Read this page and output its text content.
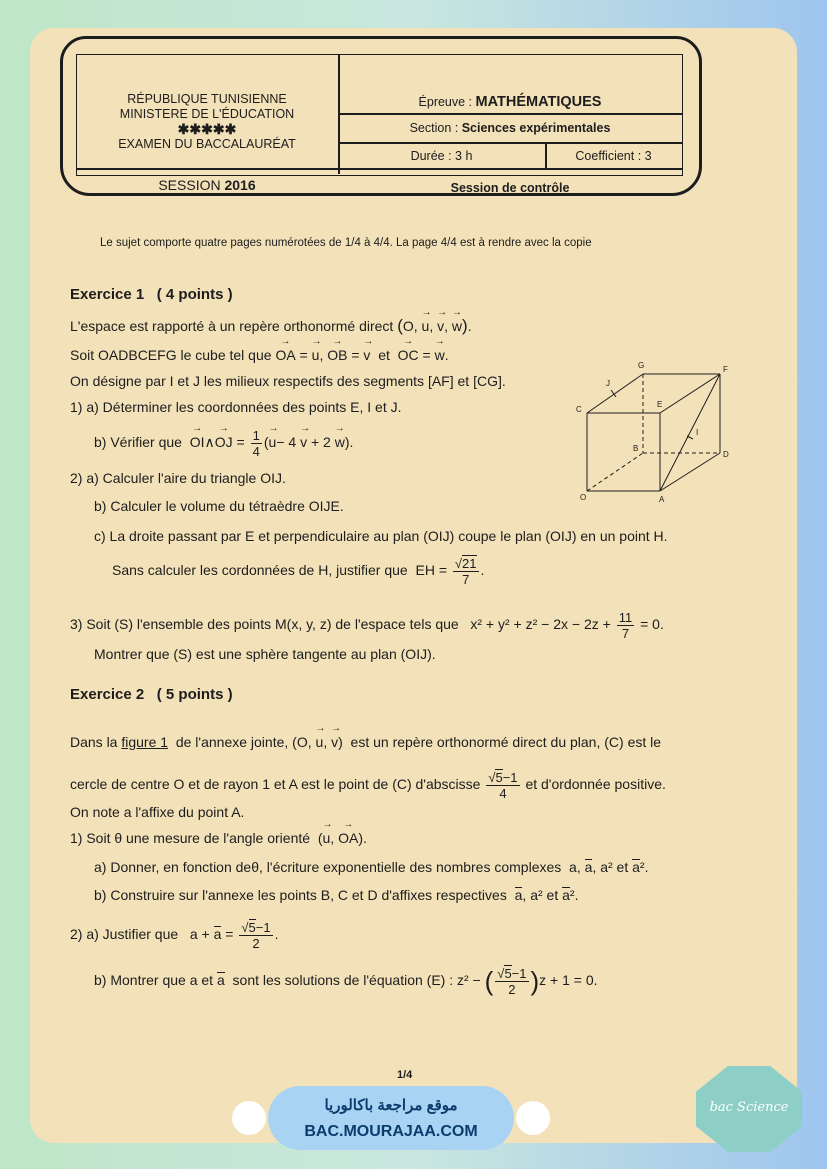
RÉPUBLIQUE TUNISIENNE
MINISTERE DE L'ÉDUCATION
✱✱✱✱✱
EXAMEN DU BACCALAURÉAT
SESSION 2016
Épreuve : MATHÉMATIQUES
Section : Sciences expérimentales
Durée : 3 h	Coefficient : 3
Session de contrôle
Le sujet comporte quatre pages numérotées de 1/4 à 4/4. La page 4/4 est à rendre avec la copie
Exercice 1 ( 4 points )
L'espace est rapporté à un repère orthonormé direct (O, → u, → v, → w).
Soit OADBCEFG le cube tel que → OA = → u, → OB = → v  et  → OC = → w.
On désigne par I et J les milieux respectifs des segments [AF] et [CG].
1) a) Déterminer les coordonnées des points E, I et J.
b) Vérifier que → OI∧→ OJ = $\frac{1}{4}$ (→ u− 4 → v + 2 → w).
2) a) Calculer l'aire du triangle OIJ.
b) Calculer le volume du tétraèdre OIJE.
c) La droite passant par E et perpendiculaire au plan (OIJ) coupe le plan (OIJ) en un point H.
Sans calculer les cordonnées de H, justifier que  EH = $\frac{√21}{7}$ .
3) Soit (S) l'ensemble des points M(x, y, z) de l'espace tels que   $x^2 + y^2 + z^2 - 2x - 2z + \frac{11}{7} = 0$.
Montrer que (S) est une sphère tangente au plan (OIJ).
G	F
J
C
E
I
B
D
O	A
Exercice 2 ( 5 points )
Dans la figure 1 de l'annexe jointe, (O, → u, → v)  est un repère orthonormé direct du plan, (C) est le
cercle de centre O et de rayon 1 et A est le point de (C) d'abscisse $\frac{√5-1}{4}$ et d'ordonnée positive.
On note a l'affixe du point A.
1) Soit θ une mesure de l'angle orienté  (→ u, → OA).
a) Donner, en fonction deθ, l'écriture exponentielle des nombres complexes  a, a, a² et a².
b) Construire sur l'annexe les points B, C et D d'affixes respectives a, a² et a².
2) a) Justifier que   $a + a = \frac{√5-1}{2}$ .
b) Montrer que a et a sont les solutions de l'équation (E) : z² − ( $\frac{√5-1}{2} )z + 1 = 0$.
1/4
موقع مراجعة باكالوريا
BAC.MOURAJAA.COM
bac Science
